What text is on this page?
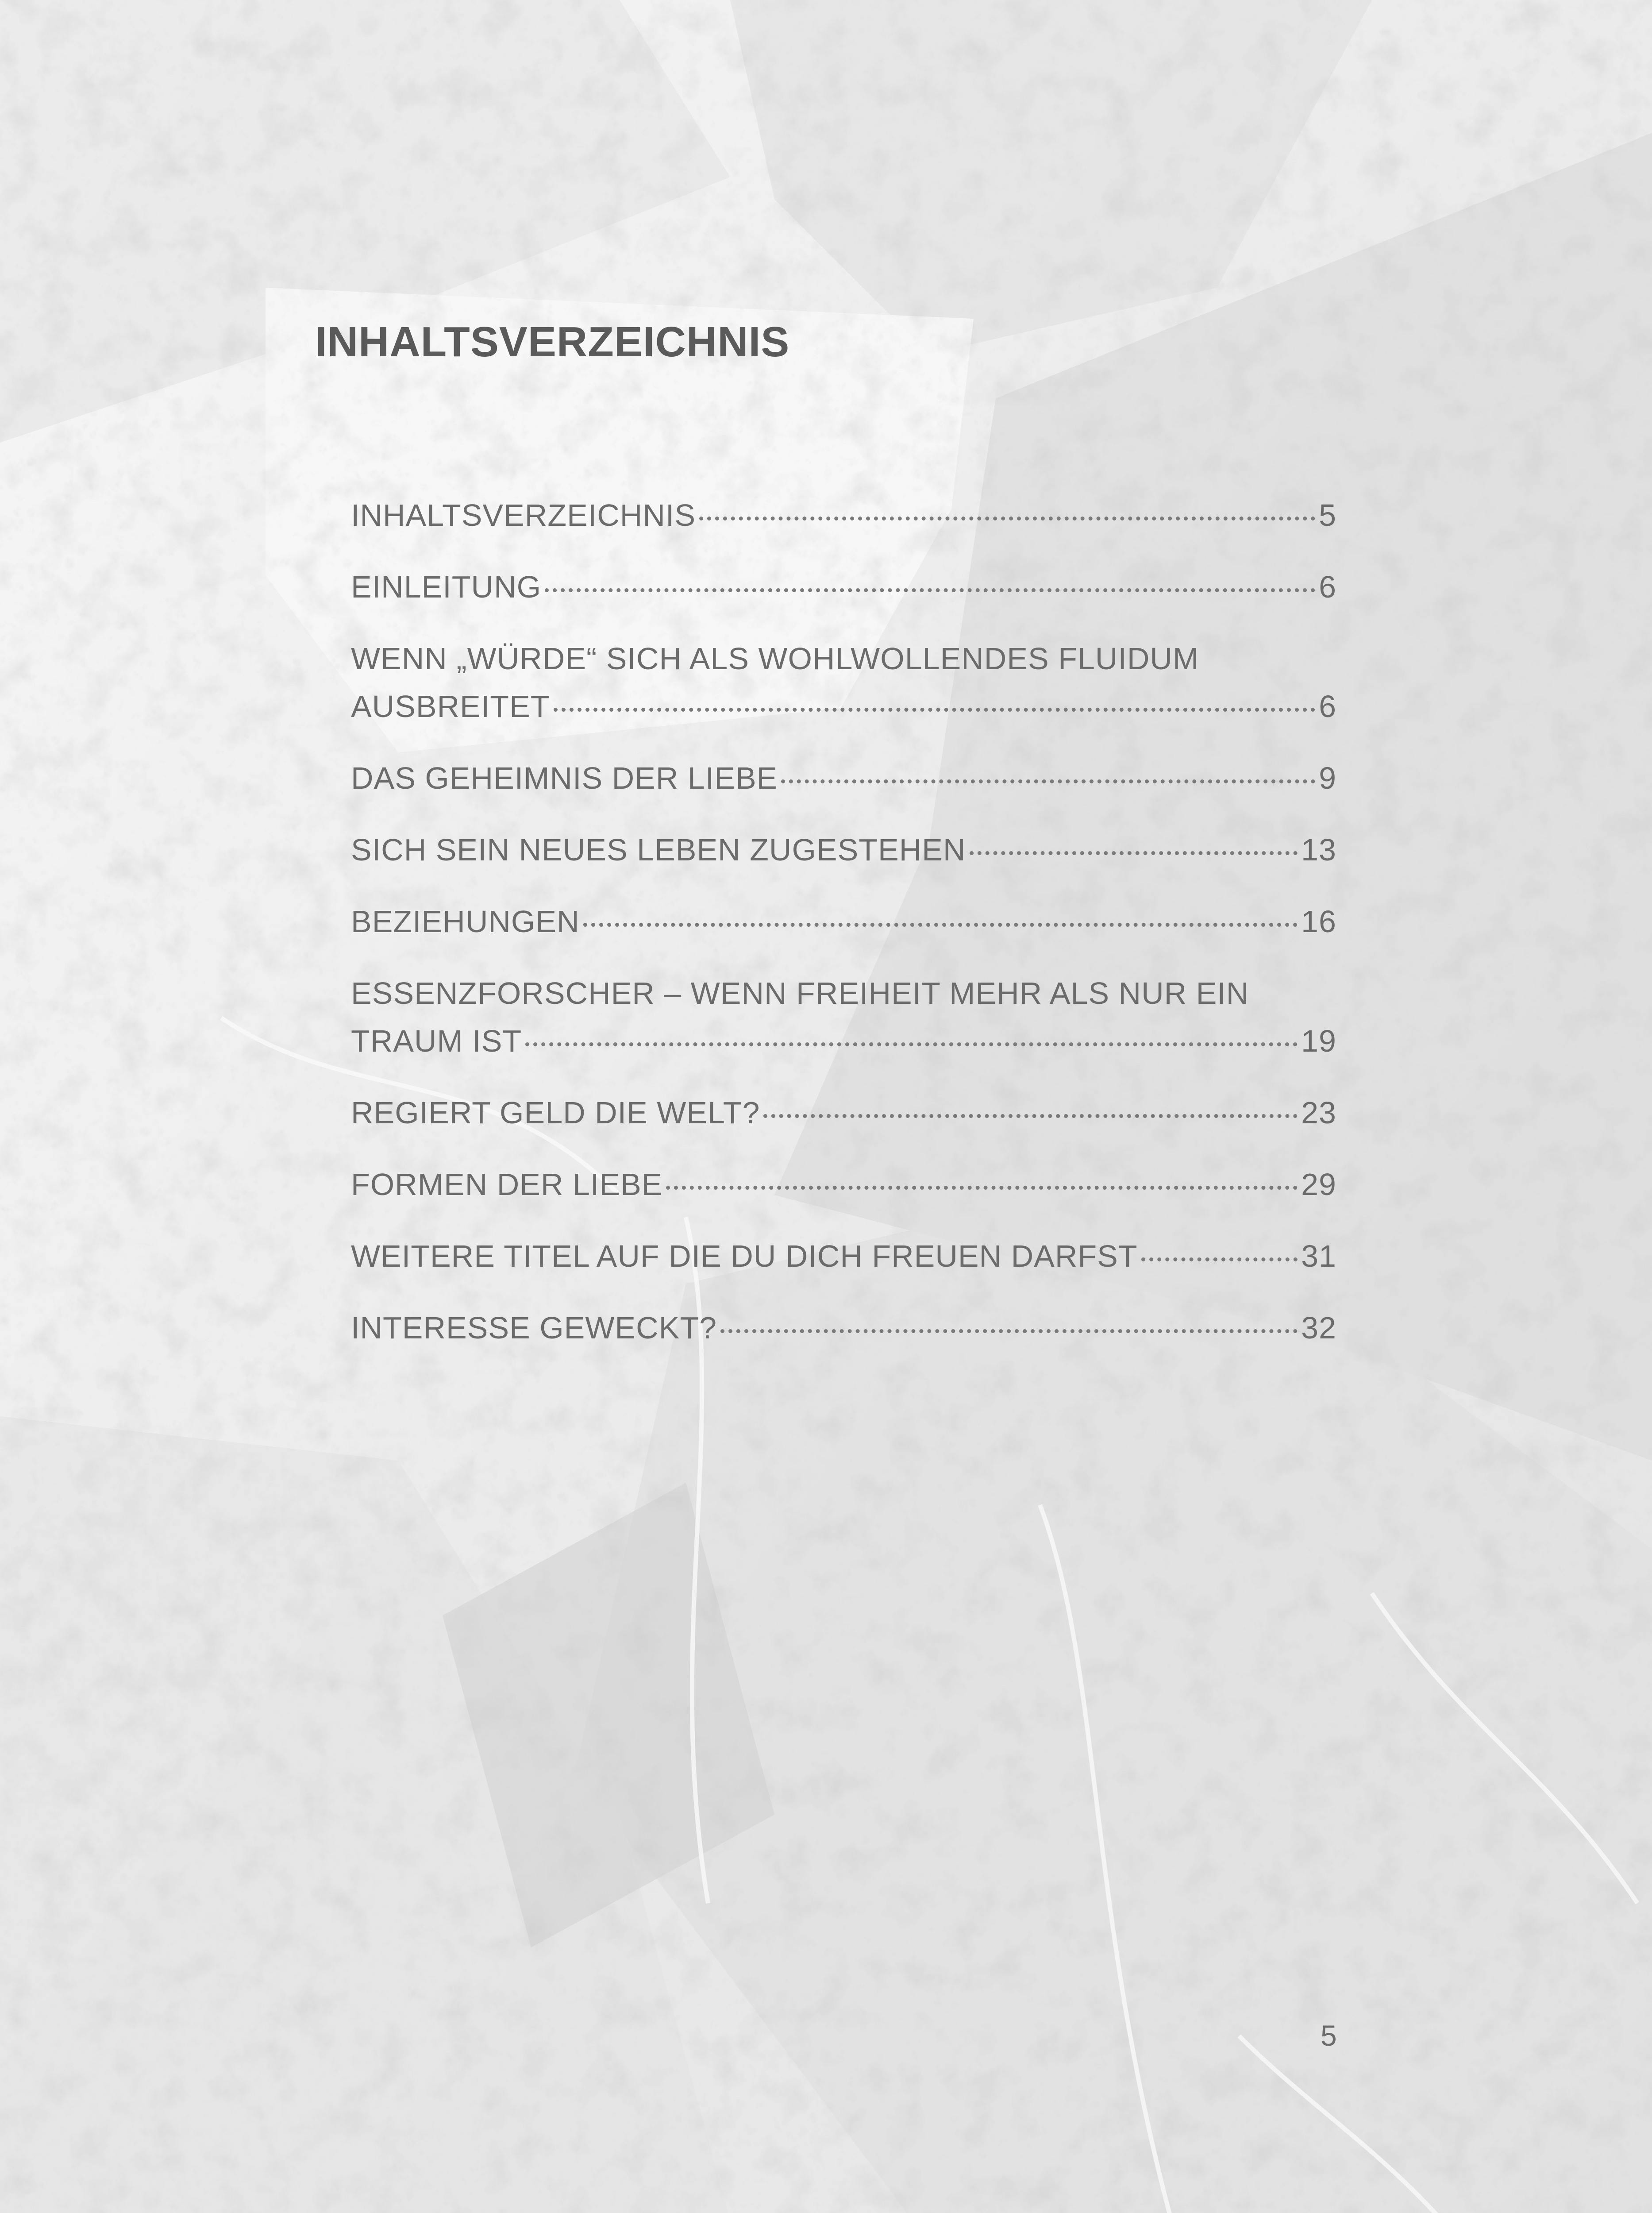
INHALTSVERZEICHNIS
INHALTSVERZEICHNIS	5
EINLEITUNG	6
WENN „WÜRDE“ SICH ALS WOHLWOLLENDES FLUIDUM
AUSBREITET	6
DAS GEHEIMNIS DER LIEBE	9
SICH SEIN NEUES LEBEN ZUGESTEHEN	13
BEZIEHUNGEN	16
ESSENZFORSCHER – WENN FREIHEIT MEHR ALS NUR EIN
TRAUM IST	19
REGIERT GELD DIE WELT?	23
FORMEN DER LIEBE	29
WEITERE TITEL AUF DIE DU DICH FREUEN DARFST	31
INTERESSE GEWECKT?	32
5
